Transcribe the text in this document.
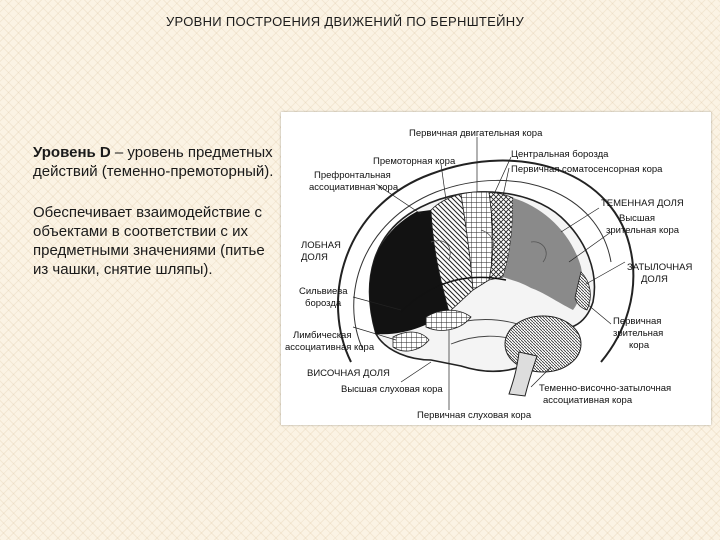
УРОВНИ ПОСТРОЕНИЯ ДВИЖЕНИЙ ПО БЕРНШТЕЙНУ

Уровень D – уровень предметных действий (теменно-премоторный).

Обеспечивает взаимодействие с объектами в соответствии с их предметными значениями (питье из чашки, снятие шляпы).

Первичная двигательная кора
Премоторная кора
Центральная борозда
Первичная соматосенсорная кора
Префронтальная
ассоциативная кора
ТЕМЕННАЯ ДОЛЯ
Высшая
зрительная кора
ЛОБНАЯ
ДОЛЯ
ЗАТЫЛОЧНАЯ
ДОЛЯ
Сильвиева
борозда
Лимбическая
ассоциативная кора
Первичная
зрительная
кора
ВИСОЧНАЯ ДОЛЯ
Высшая слуховая кора	Теменно-височно-затылочная
ассоциативная кора
Первичная слуховая кора
